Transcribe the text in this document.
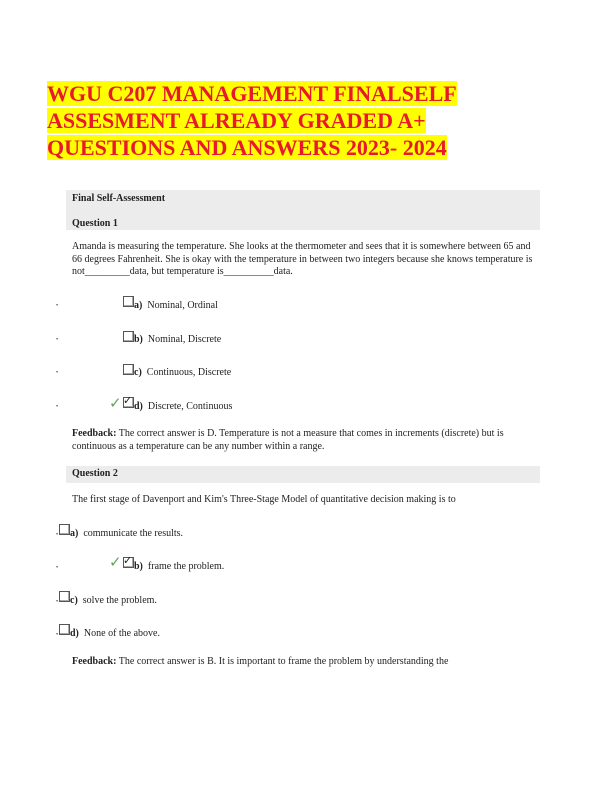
WGU C207 MANAGEMENT FINALSELF
ASSESMENT ALREADY GRADED A+
QUESTIONS AND ANSWERS 2023- 2024
Final Self-Assessment
Question 1

Amanda is measuring the temperature. She looks at the thermometer and sees that it is somewhere between 65 and 66 degrees Fahrenheit. She is okay with the temperature in between two integers because she knows temperature is not_________data, but temperature is__________data.

•	a) Nominal, Ordinal
•	b) Nominal, Discrete
•	c) Continuous, Discrete
•	✓ ✓ d) Discrete, Continuous

Feedback: The correct answer is D. Temperature is not a measure that comes in increments (discrete) but is continuous as a temperature can be any number within a range.

Question 2

The first stage of Davenport and Kim's Three-Stage Model of quantitative decision making is to

• a) communicate the results.
•	✓ ✓ b) frame the problem.
• c) solve the problem.
• d) None of the above.

Feedback: The correct answer is B. It is important to frame the problem by understanding the
